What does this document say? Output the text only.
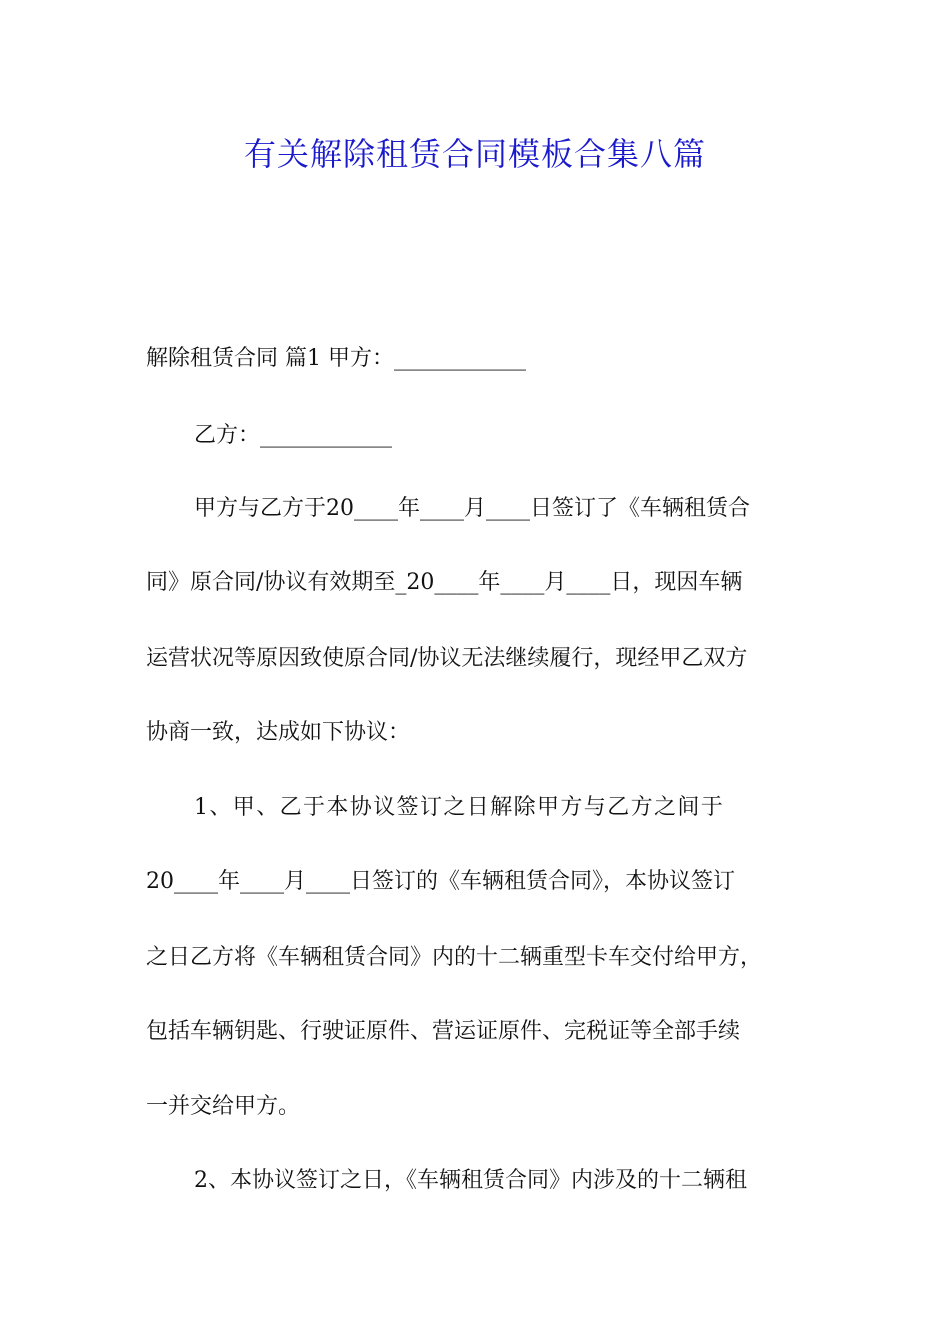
有关解除租赁合同模板合集八篇
解除租赁合同 篇1 甲方：____________
乙方：____________
甲方与乙方于20____年____月____日签订了《车辆租赁合
同》原合同/协议有效期至_20____年____月____日，现因车辆
运营状况等原因致使原合同/协议无法继续履行，现经甲乙双方
协商一致，达成如下协议：
1、甲、乙于本协议签订之日解除甲方与乙方之间于
20____年____月____日签订的《车辆租赁合同》，本协议签订
之日乙方将《车辆租赁合同》内的十二辆重型卡车交付给甲方，
包括车辆钥匙、行驶证原件、营运证原件、完税证等全部手续
一并交给甲方。
2、本协议签订之日，《车辆租赁合同》内涉及的十二辆租
